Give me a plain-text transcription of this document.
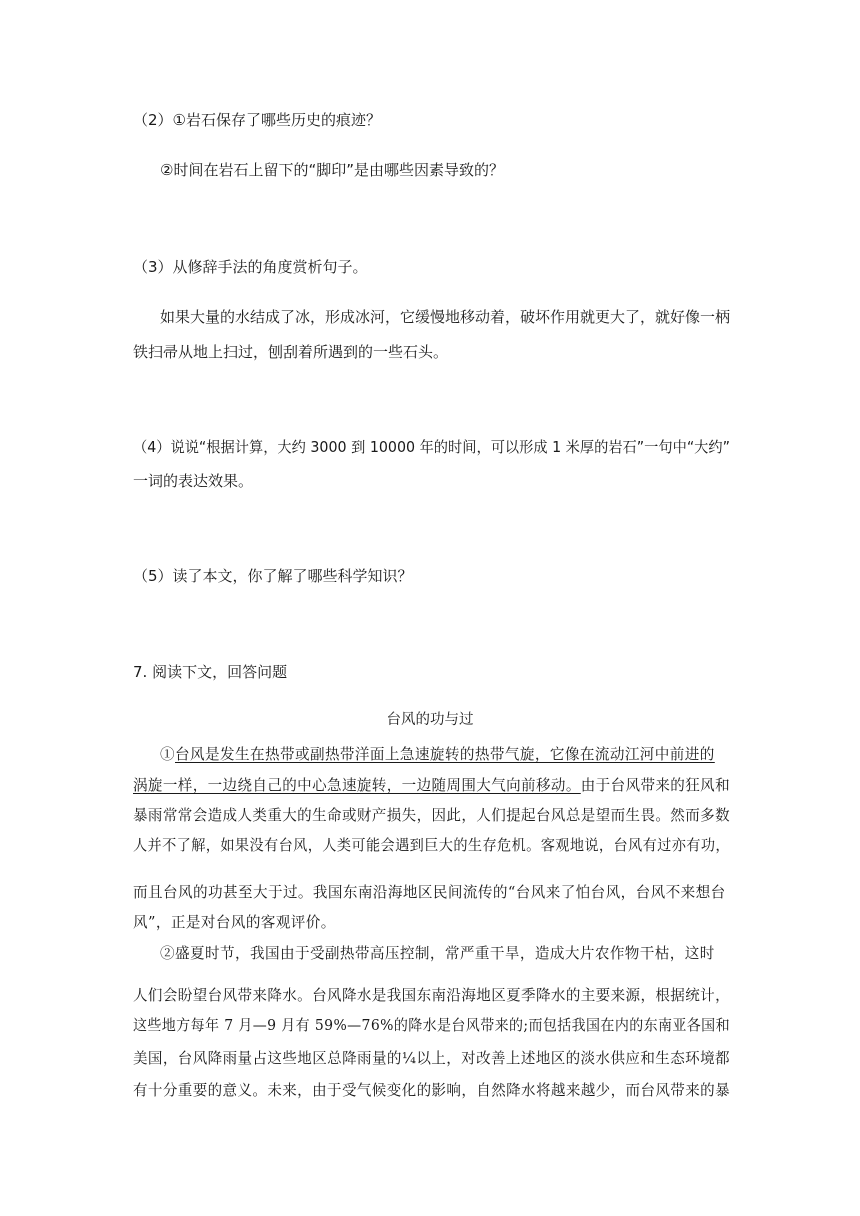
（2）①岩石保存了哪些历史的痕迹？
②时间在岩石上留下的“脚印”是由哪些因素导致的？
（3）从修辞手法的角度赏析句子。
如果大量的水结成了冰，形成冰河，它缓慢地移动着，破坏作用就更大了，就好像一柄
铁扫帚从地上扫过，刨刮着所遇到的一些石头。
（4）说说“根据计算，大约 3000 到 10000 年的时间，可以形成 1 米厚的岩石”一句中“大约”
一词的表达效果。
（5）读了本文，你了解了哪些科学知识？
7. 阅读下文，回答问题
台风的功与过
①台风是发生在热带或副热带洋面上急速旋转的热带气旋，它像在流动江河中前进的
涡旋一样，一边绕自己的中心急速旋转，一边随周围大气向前移动。由于台风带来的狂风和
暴雨常常会造成人类重大的生命或财产损失，因此，人们提起台风总是望而生畏。然而多数
人并不了解，如果没有台风，人类可能会遇到巨大的生存危机。客观地说，台风有过亦有功，
而且台风的功甚至大于过。我国东南沿海地区民间流传的“台风来了怕台风，台风不来想台
风”，正是对台风的客观评价。
②盛夏时节，我国由于受副热带高压控制，常严重干旱，造成大片农作物干枯，这时
人们会盼望台风带来降水。台风降水是我国东南沿海地区夏季降水的主要来源，根据统计，
这些地方每年 7 月—9 月有 59%—76%的降水是台风带来的;而包括我国在内的东南亚各国和
美国，台风降雨量占这些地区总降雨量的¼以上，对改善上述地区的淡水供应和生态环境都
有十分重要的意义。未来，由于受气候变化的影响，自然降水将越来越少，而台风带来的暴
